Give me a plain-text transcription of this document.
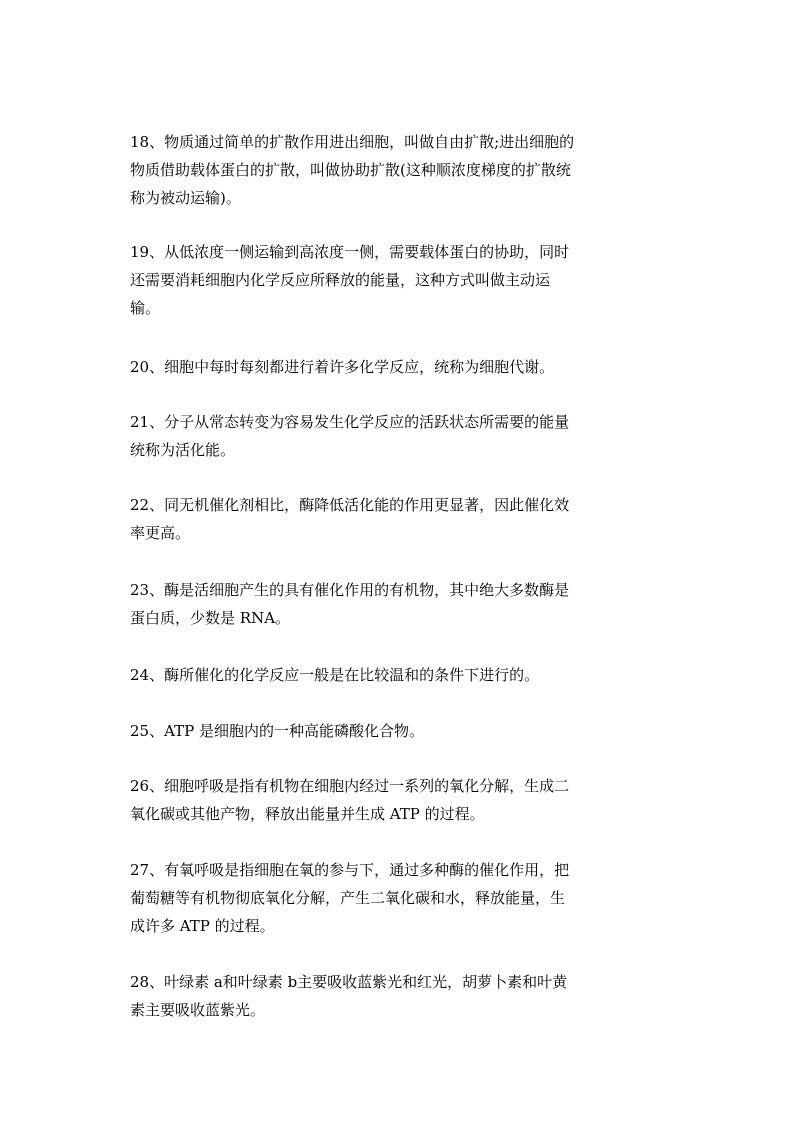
18、物质通过简单的扩散作用进出细胞，叫做自由扩散;进出细胞的
物质借助载体蛋白的扩散，叫做协助扩散(这种顺浓度梯度的扩散统
称为被动运输)。

19、从低浓度一侧运输到高浓度一侧，需要载体蛋白的协助，同时
还需要消耗细胞内化学反应所释放的能量，这种方式叫做主动运
输。

20、细胞中每时每刻都进行着许多化学反应，统称为细胞代谢。

21、分子从常态转变为容易发生化学反应的活跃状态所需要的能量
统称为活化能。

22、同无机催化剂相比，酶降低活化能的作用更显著，因此催化效
率更高。

23、酶是活细胞产生的具有催化作用的有机物，其中绝大多数酶是
蛋白质，少数是 RNA。

24、酶所催化的化学反应一般是在比较温和的条件下进行的。

25、ATP 是细胞内的一种高能磷酸化合物。

26、细胞呼吸是指有机物在细胞内经过一系列的氧化分解，生成二
氧化碳或其他产物，释放出能量并生成 ATP 的过程。

27、有氧呼吸是指细胞在氧的参与下，通过多种酶的催化作用，把
葡萄糖等有机物彻底氧化分解，产生二氧化碳和水，释放能量，生
成许多 ATP 的过程。

28、叶绿素 a和叶绿素 b主要吸收蓝紫光和红光，胡萝卜素和叶黄
素主要吸收蓝紫光。
